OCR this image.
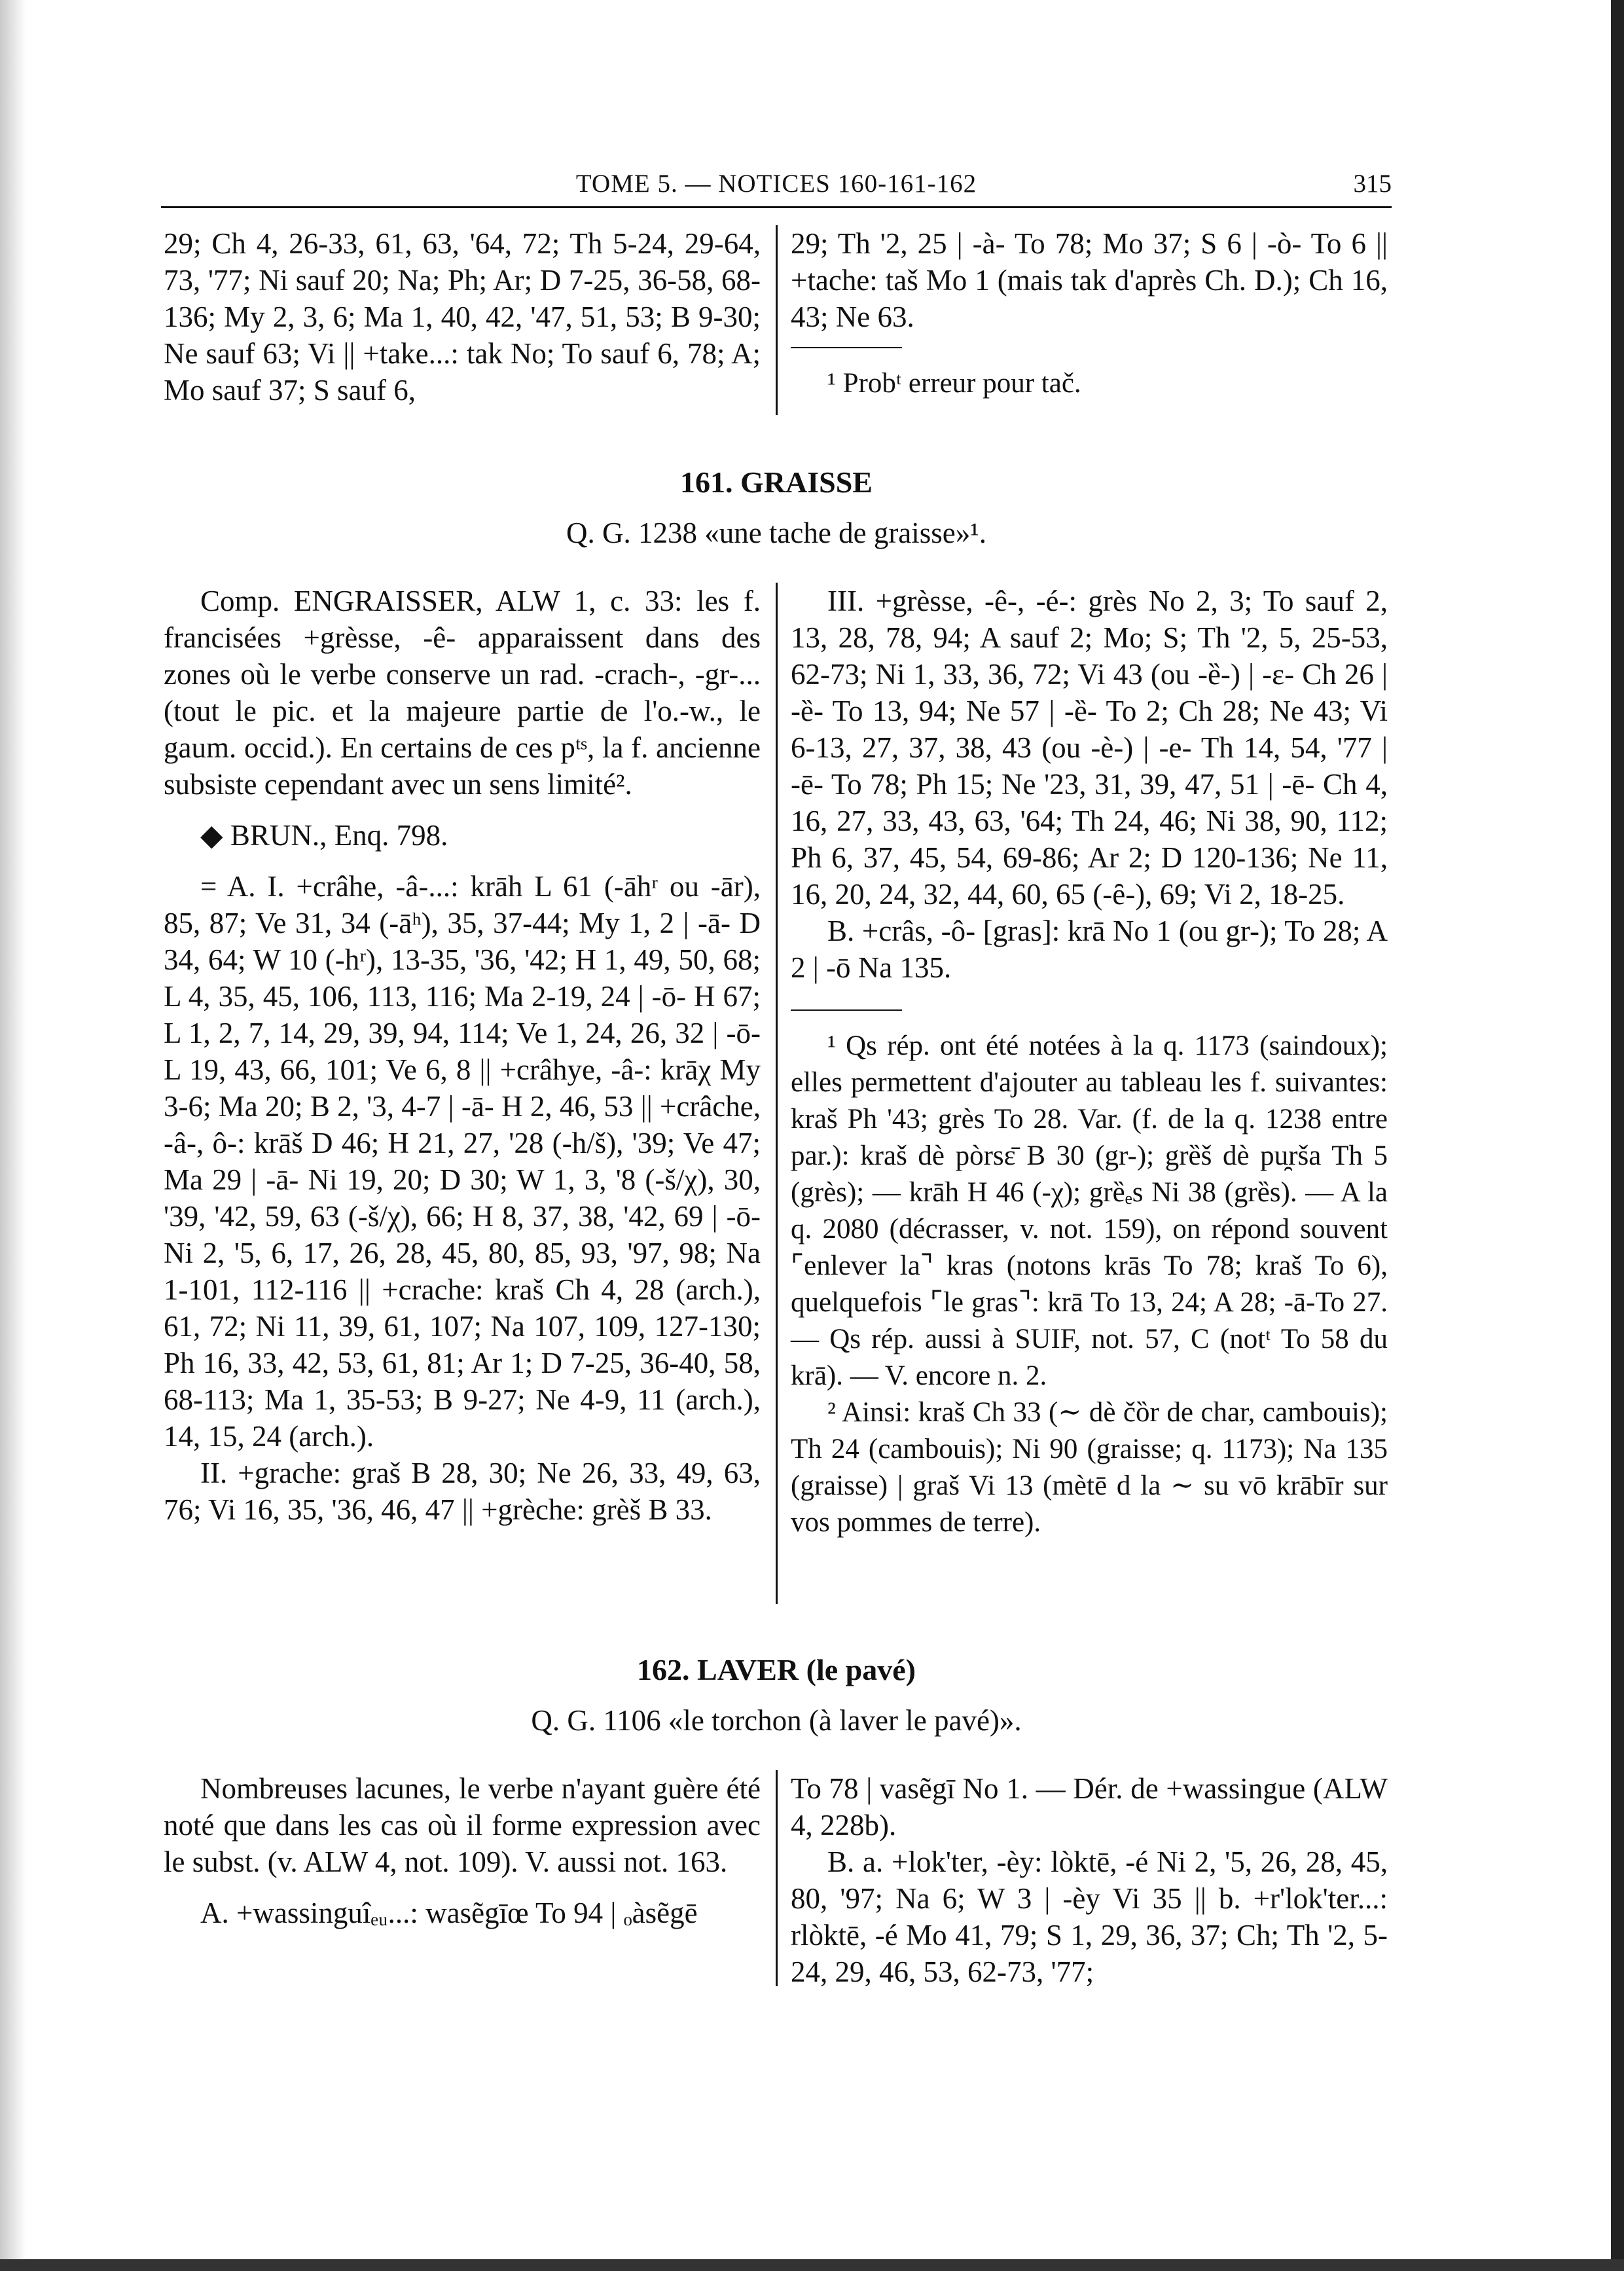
TOME 5. — NOTICES 160-161-162	315

29; Ch 4, 26-33, 61, 63, '64, 72; Th 5-24, 29-64, 73, '77; Ni sauf 20; Na; Ph; Ar; D 7-25, 36-58, 68-136; My 2, 3, 6; Ma 1, 40, 42, '47, 51, 53; B 9-30; Ne sauf 63; Vi || +take...: tak No; To sauf 6, 78; A; Mo sauf 37; S sauf 6,

29; Th '2, 25 | -à- To 78; Mo 37; S 6 | -ò- To 6 || +tache: taš Mo 1 (mais tak d'après Ch. D.); Ch 16, 43; Ne 63.

¹ Probᵗ erreur pour tač.

161. GRAISSE
Q. G. 1238 «une tache de graisse»¹.

Comp. ENGRAISSER, ALW 1, c. 33: les f. francisées +grèsse, -ê- apparaissent dans des zones où le verbe conserve un rad. -crach-, -gr-... (tout le pic. et la majeure partie de l'o.-w., le gaum. occid.). En certains de ces pᵗˢ, la f. ancienne subsiste cependant avec un sens limité².

◆ BRUN., Enq. 798.

= A. I. +crâhe, -â-...: krāh L 61 (-āhʳ ou -ār), 85, 87; Ve 31, 34 (-āʰ), 35, 37-44; My 1, 2 | -ā- D 34, 64; W 10 (-hʳ), 13-35, '36, '42; H 1, 49, 50, 68; L 4, 35, 45, 106, 113, 116; Ma 2-19, 24 | -ō- H 67; L 1, 2, 7, 14, 29, 39, 94, 114; Ve 1, 24, 26, 32 | -ō- L 19, 43, 66, 101; Ve 6, 8 || +crâhye, -â-: krāχ My 3-6; Ma 20; B 2, '3, 4-7 | -ā- H 2, 46, 53 || +crâche, -â-, ô-: krāš D 46; H 21, 27, '28 (-h/š), '39; Ve 47; Ma 29 | -ā- Ni 19, 20; D 30; W 1, 3, '8 (-š/χ), 30, '39, '42, 59, 63 (-š/χ), 66; H 8, 37, 38, '42, 69 | -ō- Ni 2, '5, 6, 17, 26, 28, 45, 80, 85, 93, '97, 98; Na 1-101, 112-116 || +crache: kraš Ch 4, 28 (arch.), 61, 72; Ni 11, 39, 61, 107; Na 107, 109, 127-130; Ph 16, 33, 42, 53, 61, 81; Ar 1; D 7-25, 36-40, 58, 68-113; Ma 1, 35-53; B 9-27; Ne 4-9, 11 (arch.), 14, 15, 24 (arch.).

II. +grache: graš B 28, 30; Ne 26, 33, 49, 63, 76; Vi 16, 35, '36, 46, 47 || +grèche: grèš B 33.

III. +grèsse, -ê-, -é-: grès No 2, 3; To sauf 2, 13, 28, 78, 94; A sauf 2; Mo; S; Th '2, 5, 25-53, 62-73; Ni 1, 33, 36, 72; Vi 43 (ou -ȅ-) | -ɛ- Ch 26 | -ȅ- To 13, 94; Ne 57 | -ȅ- To 2; Ch 28; Ne 43; Vi 6-13, 27, 37, 38, 43 (ou -è-) | -e- Th 14, 54, '77 | -ē- To 78; Ph 15; Ne '23, 31, 39, 47, 51 | -ē- Ch 4, 16, 27, 33, 43, 63, '64; Th 24, 46; Ni 38, 90, 112; Ph 6, 37, 45, 54, 69-86; Ar 2; D 120-136; Ne 11, 16, 20, 24, 32, 44, 60, 65 (-ȇ-), 69; Vi 2, 18-25.

B. +crâs, -ô- [gras]: krā No 1 (ou gr-); To 28; A 2 | -ō Na 135.

¹ Qs rép. ont été notées à la q. 1173 (saindoux); elles permettent d'ajouter au tableau les f. suivantes: kraš Ph '43; grès To 28. Var. (f. de la q. 1238 entre par.): kraš dè pòrsɛ̄ B 30 (gr-); grȅš dè pu̯rša Th 5 (grès); — krāh H 46 (-χ); grȅₑs Ni 38 (grȅs). — A la q. 2080 (décrasser, v. not. 159), on répond souvent ⌜enlever la⌝ kras (notons krās To 78; kraš To 6), quelquefois ⌜le gras⌝: krā To 13, 24; A 28; -ā-To 27. — Qs rép. aussi à SUIF, not. 57, C (notᵗ To 58 du krā). — V. encore n. 2.

² Ainsi: kraš Ch 33 (∼ dè čȍr de char, cambouis); Th 24 (cambouis); Ni 90 (graisse; q. 1173); Na 135 (graisse) | graš Vi 13 (mètē d la ∼ su vō krābīr sur vos pommes de terre).

162. LAVER (le pavé)
Q. G. 1106 «le torchon (à laver le pavé)».

Nombreuses lacunes, le verbe n'ayant guère été noté que dans les cas où il forme expression avec le subst. (v. ALW 4, not. 109). V. aussi not. 163.

A. +wassinguîₑᵤ...: wasẽgīœ To 94 | ₒàsẽgē

To 78 | vasẽgī No 1. — Dér. de +wassingue (ALW 4, 228b).

B. a. +lok'ter, -èy: lòktē, -é Ni 2, '5, 26, 28, 45, 80, '97; Na 6; W 3 | -èy Vi 35 || b. +r'lok'ter...: rlòktē, -é Mo 41, 79; S 1, 29, 36, 37; Ch; Th '2, 5-24, 29, 46, 53, 62-73, '77;
